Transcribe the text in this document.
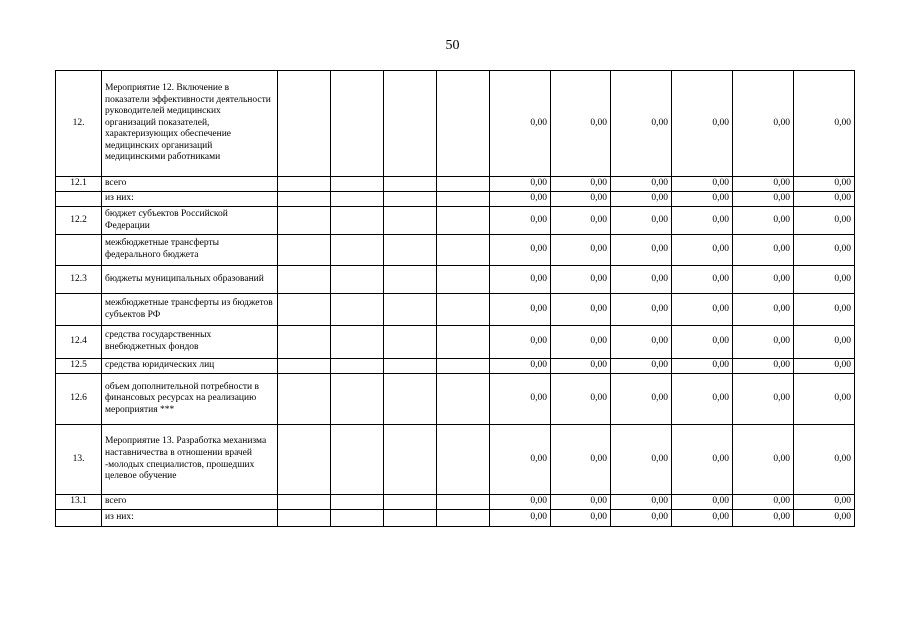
50
12.	Мероприятие 12. Включение в показатели эффективности деятельности руководителей медицинских организаций показателей, характеризующих обеспечение медицинских организаций медицинскими работниками					0,00	0,00	0,00	0,00	0,00	0,00
12.1	всего					0,00	0,00	0,00	0,00	0,00	0,00
	из них:					0,00	0,00	0,00	0,00	0,00	0,00
12.2	бюджет субъектов Российской Федерации					0,00	0,00	0,00	0,00	0,00	0,00
	межбюджетные трансферты федерального бюджета					0,00	0,00	0,00	0,00	0,00	0,00
12.3	бюджеты муниципальных образований					0,00	0,00	0,00	0,00	0,00	0,00
	межбюджетные трансферты из бюджетов субъектов РФ					0,00	0,00	0,00	0,00	0,00	0,00
12.4	средства государственных внебюджетных фондов					0,00	0,00	0,00	0,00	0,00	0,00
12.5	средства юридических лиц					0,00	0,00	0,00	0,00	0,00	0,00
12.6	объем дополнительной потребности в финансовых ресурсах на реализацию мероприятия ***					0,00	0,00	0,00	0,00	0,00	0,00
13.	Мероприятие 13. Разработка механизма наставничества в отношении врачей -молодых специалистов, прошедших целевое обучение					0,00	0,00	0,00	0,00	0,00	0,00
13.1	всего					0,00	0,00	0,00	0,00	0,00	0,00
	из них:					0,00	0,00	0,00	0,00	0,00	0,00
